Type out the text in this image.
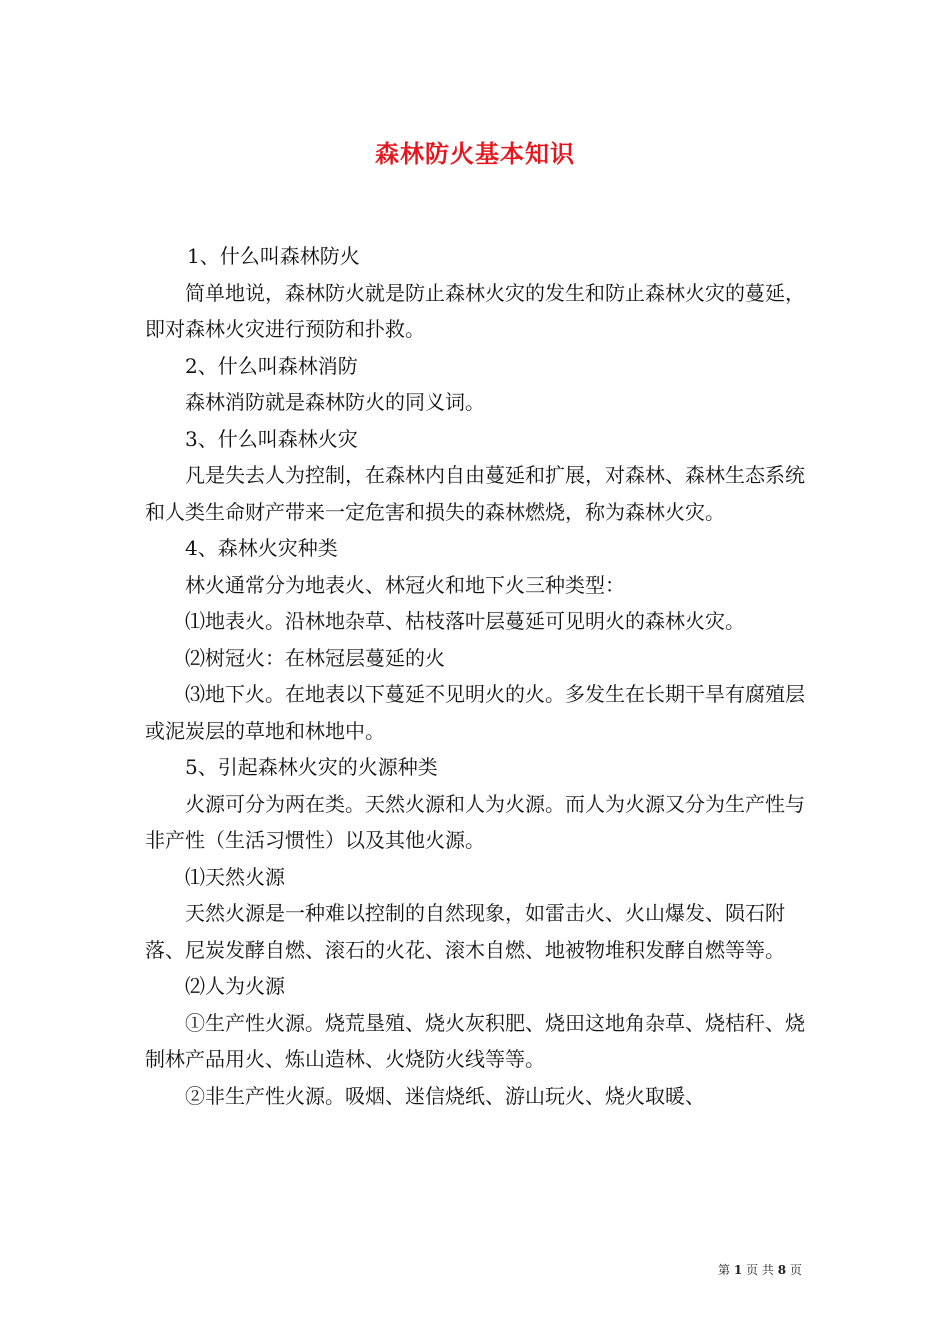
森林防火基本知识

1、什么叫森林防火

简单地说，森林防火就是防止森林火灾的发生和防止森林火灾的蔓延，即对森林火灾进行预防和扑救。

2、什么叫森林消防

森林消防就是森林防火的同义词。

3、什么叫森林火灾

凡是失去人为控制，在森林内自由蔓延和扩展，对森林、森林生态系统和人类生命财产带来一定危害和损失的森林燃烧，称为森林火灾。

4、森林火灾种类

林火通常分为地表火、林冠火和地下火三种类型：

⑴地表火。沿林地杂草、枯枝落叶层蔓延可见明火的森林火灾。

⑵树冠火：在林冠层蔓延的火

⑶地下火。在地表以下蔓延不见明火的火。多发生在长期干旱有腐殖层或泥炭层的草地和林地中。

5、引起森林火灾的火源种类

火源可分为两在类。天然火源和人为火源。而人为火源又分为生产性与非产性（生活习惯性）以及其他火源。

⑴天然火源

天然火源是一种难以控制的自然现象，如雷击火、火山爆发、陨石附落、尼炭发酵自燃、滚石的火花、滚木自燃、地被物堆积发酵自燃等等。

⑵人为火源

①生产性火源。烧荒垦殖、烧火灰积肥、烧田这地角杂草、烧桔秆、烧制林产品用火、炼山造林、火烧防火线等等。

②非生产性火源。吸烟、迷信烧纸、游山玩火、烧火取暖、

第 1 页 共 8 页
